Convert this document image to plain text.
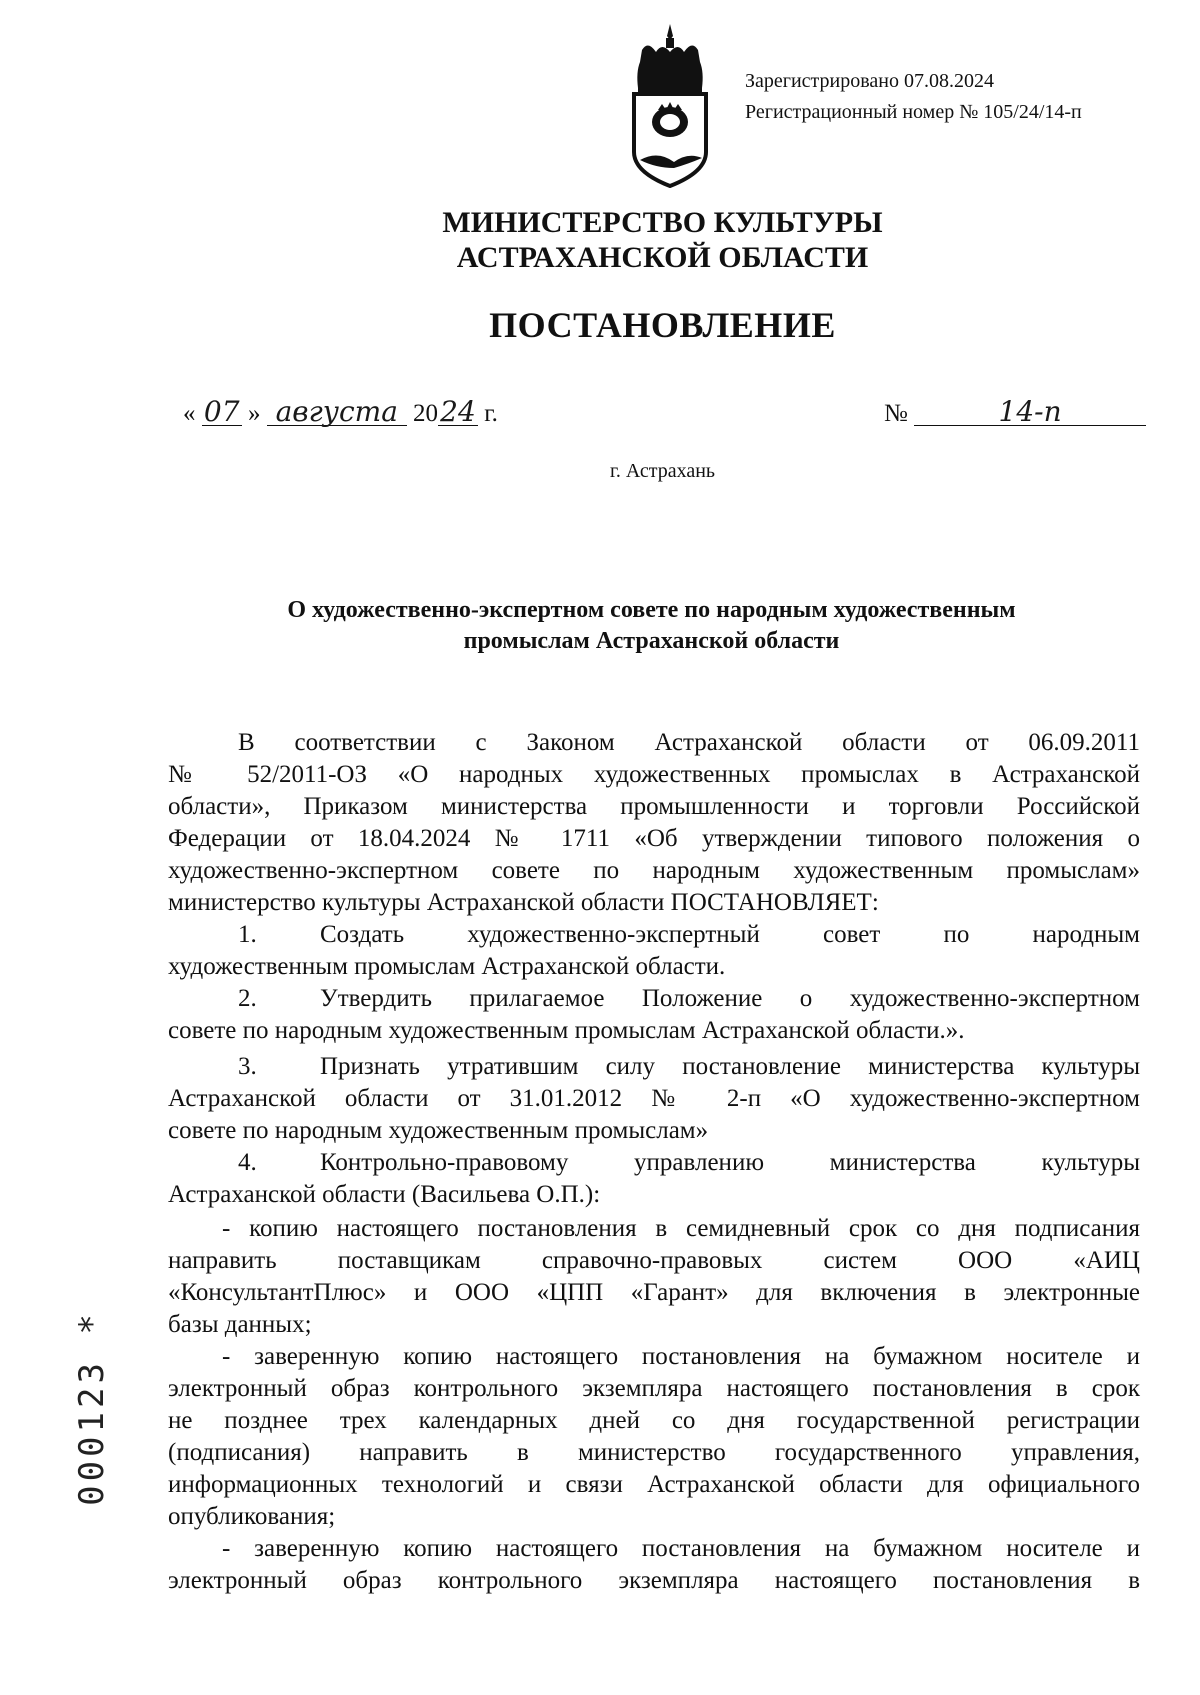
Зарегистрировано 07.08.2024
Регистрационный номер № 105/24/14-п
МИНИСТЕРСТВО КУЛЬТУРЫ
АСТРАХАНСКОЙ ОБЛАСТИ
ПОСТАНОВЛЕНИЕ
« 07 » августа 2024 г.	№	14-п
г. Астрахань
О художественно-экспертном совете по народным художественным
промыслам Астраханской области
В соответствии с Законом Астраханской области от 06.09.2011
№ 52/2011-ОЗ «О народных художественных промыслах в Астраханской
области», Приказом министерства промышленности и торговли Российской
Федерации от 18.04.2024 № 1711 «Об утверждении типового положения о
художественно-экспертном совете по народным художественным промыслам»
министерство культуры Астраханской области ПОСТАНОВЛЯЕТ:
1.	Создать художественно-экспертный совет по народным
художественным промыслам Астраханской области.
2.	Утвердить прилагаемое Положение о художественно-экспертном
совете по народным художественным промыслам Астраханской области.».
3.	Признать утратившим силу постановление министерства культуры
Астраханской области от 31.01.2012 № 2-п «О художественно-экспертном
совете по народным художественным промыслам»
4.	Контрольно-правовому управлению министерства культуры
Астраханской области (Васильева О.П.):
- копию настоящего постановления в семидневный срок со дня подписания
направить поставщикам справочно-правовых систем ООО «АИЦ
«КонсультантПлюс» и ООО «ЦПП «Гарант» для включения в электронные
базы данных;
- заверенную копию настоящего постановления на бумажном носителе и
электронный образ контрольного экземпляра настоящего постановления в срок
не позднее трех календарных дней со дня государственной регистрации
(подписания) направить в министерство государственного управления,
информационных технологий и связи Астраханской области для официального
опубликования;
- заверенную копию настоящего постановления на бумажном носителе и
электронный образ контрольного экземпляра настоящего постановления в
000123 *
